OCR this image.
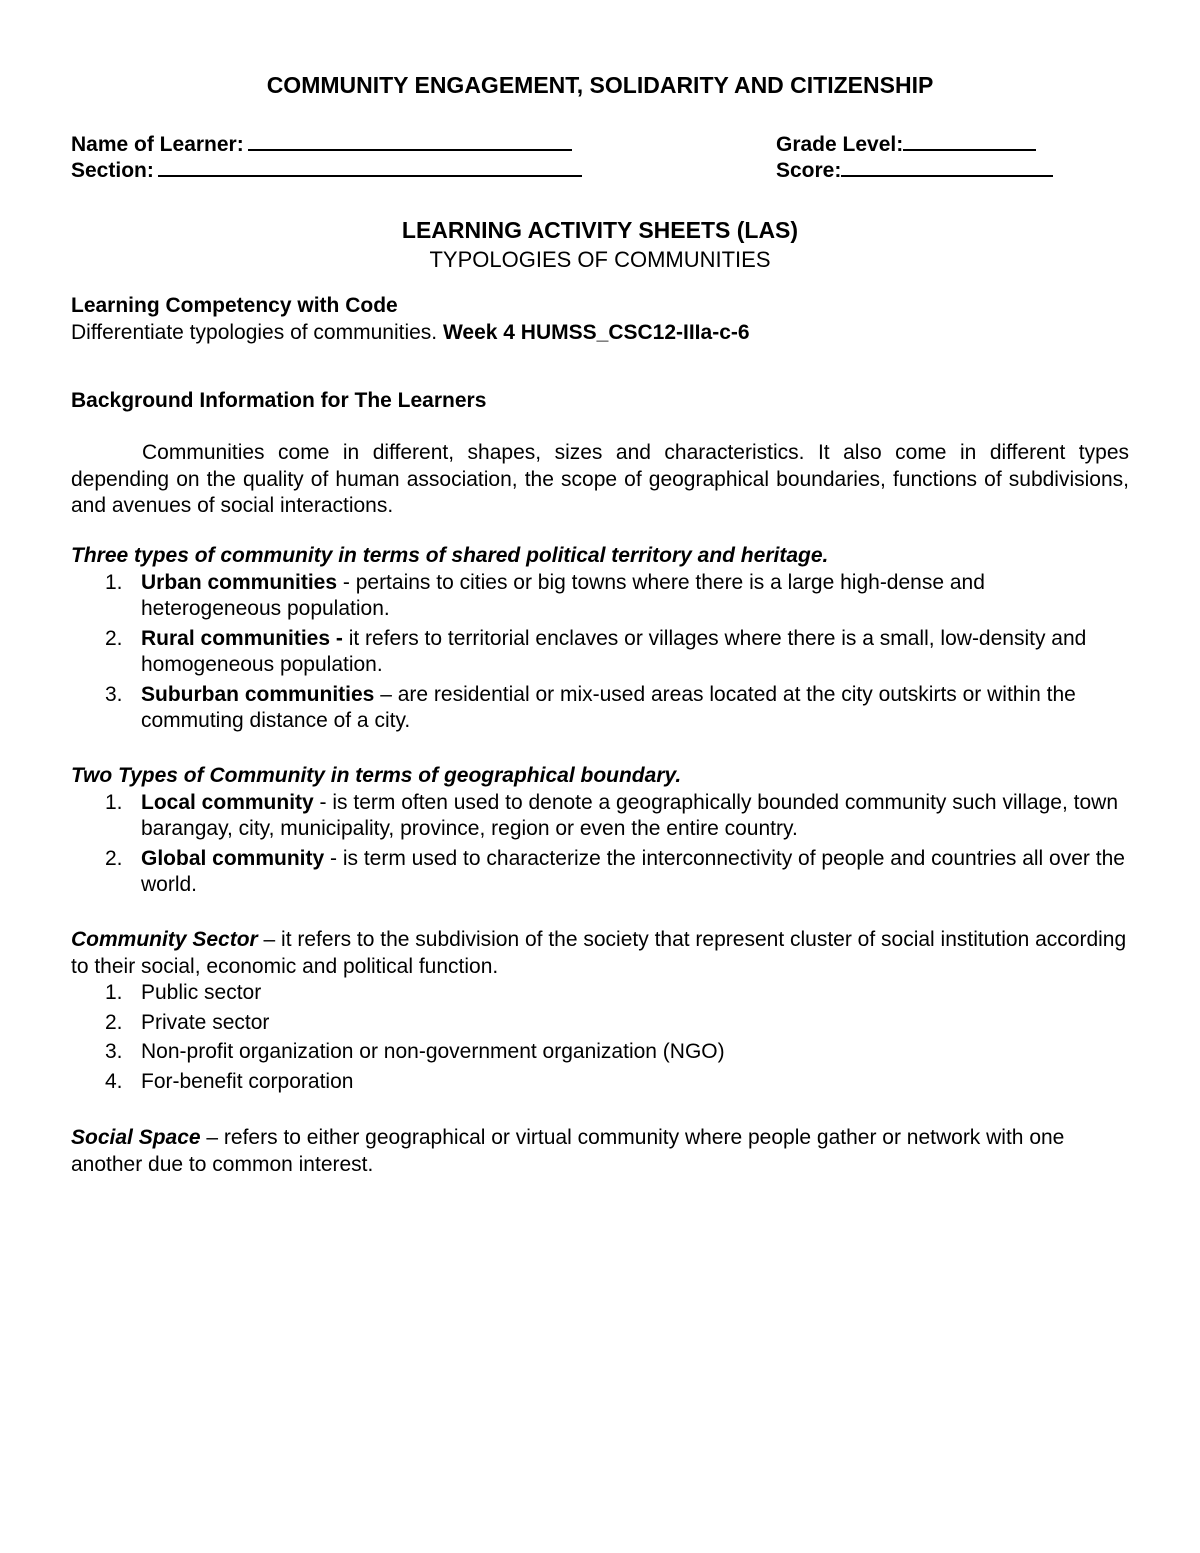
COMMUNITY ENGAGEMENT, SOLIDARITY AND CITIZENSHIP
Name of Learner:
Section:
Grade Level:
Score:
LEARNING ACTIVITY SHEETS (LAS)
TYPOLOGIES OF COMMUNITIES
Learning Competency with Code
Differentiate typologies of communities. Week 4 HUMSS_CSC12-IIIa-c-6
Background Information for The Learners
Communities come in different, shapes, sizes and characteristics. It also come in different types depending on the quality of human association, the scope of geographical boundaries, functions of subdivisions, and avenues of social interactions.
Three types of community in terms of shared political territory and heritage.
1. Urban communities - pertains to cities or big towns where there is a large high-dense and heterogeneous population.
2. Rural communities - it refers to territorial enclaves or villages where there is a small, low-density and homogeneous population.
3. Suburban communities – are residential or mix-used areas located at the city outskirts or within the commuting distance of a city.
Two Types of Community in terms of geographical boundary.
1. Local community - is term often used to denote a geographically bounded community such village, town barangay, city, municipality, province, region or even the entire country.
2. Global community - is term used to characterize the interconnectivity of people and countries all over the world.
Community Sector – it refers to the subdivision of the society that represent cluster of social institution according to their social, economic and political function.
1. Public sector
2. Private sector
3. Non-profit organization or non-government organization (NGO)
4. For-benefit corporation
Social Space – refers to either geographical or virtual community where people gather or network with one another due to common interest.
